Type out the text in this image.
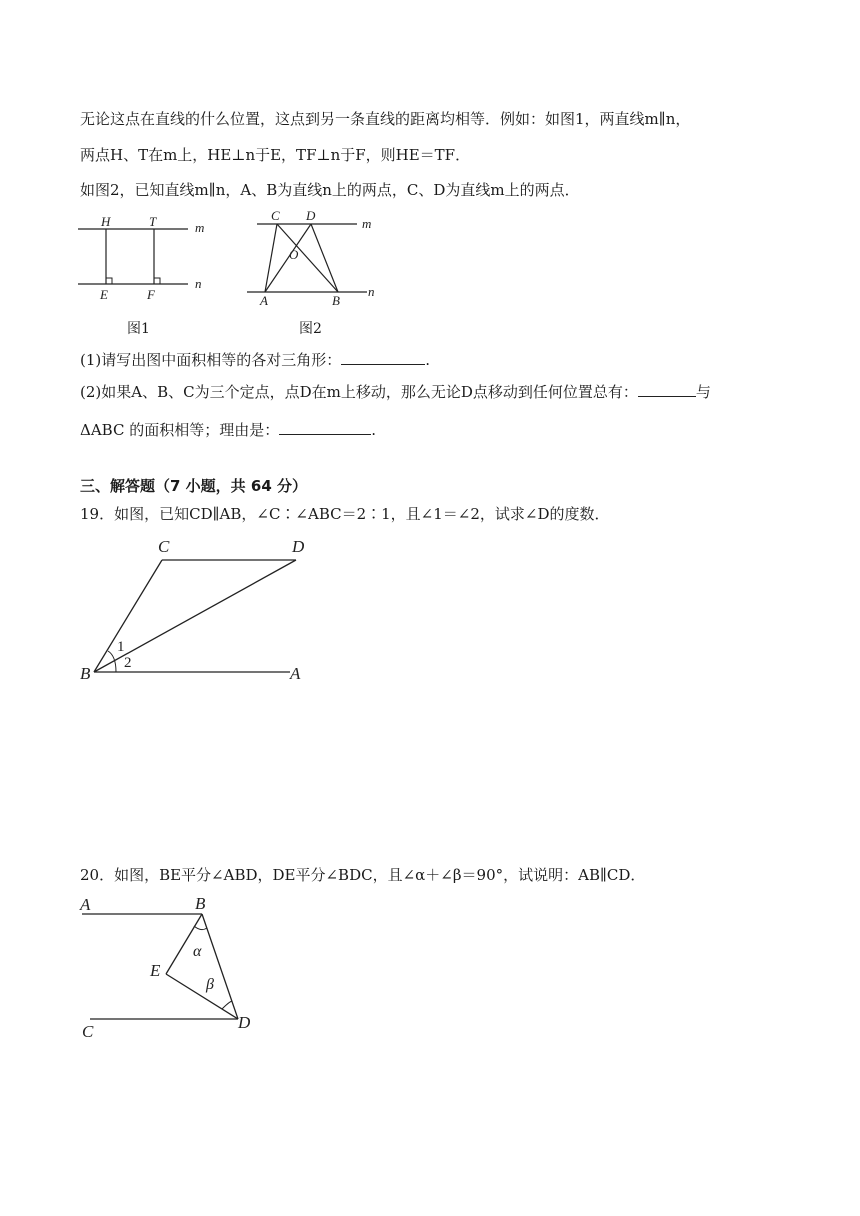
无论这点在直线的什么位置，这点到另一条直线的距离均相等．例如：如图1，两直线m∥n，
两点H、T在m上，HE⊥n于E，TF⊥n于F，则HE＝TF．
如图2，已知直线m∥n，A、B为直线n上的两点，C、D为直线m上的两点．
H	T	m
E	F
n
图1
C D
m
O
A	B
n
图2
(1)请写出图中面积相等的各对三角形：	.
(2)如果A、B、C为三个定点，点D在m上移动，那么无论D点移动到任何位置总有：	与
ΔABC 的面积相等；理由是：	.
三、解答题（7 小题，共 64 分）
19．如图，已知CD∥AB，∠C∶∠ABC＝2∶1，且∠1＝∠2，试求∠D的度数．
C	D
B	A
1
2
20．如图，BE平分∠ABD，DE平分∠BDC，且∠α＋∠β＝90°，试说明：AB∥CD．
A	B
E
C	D
α
β
